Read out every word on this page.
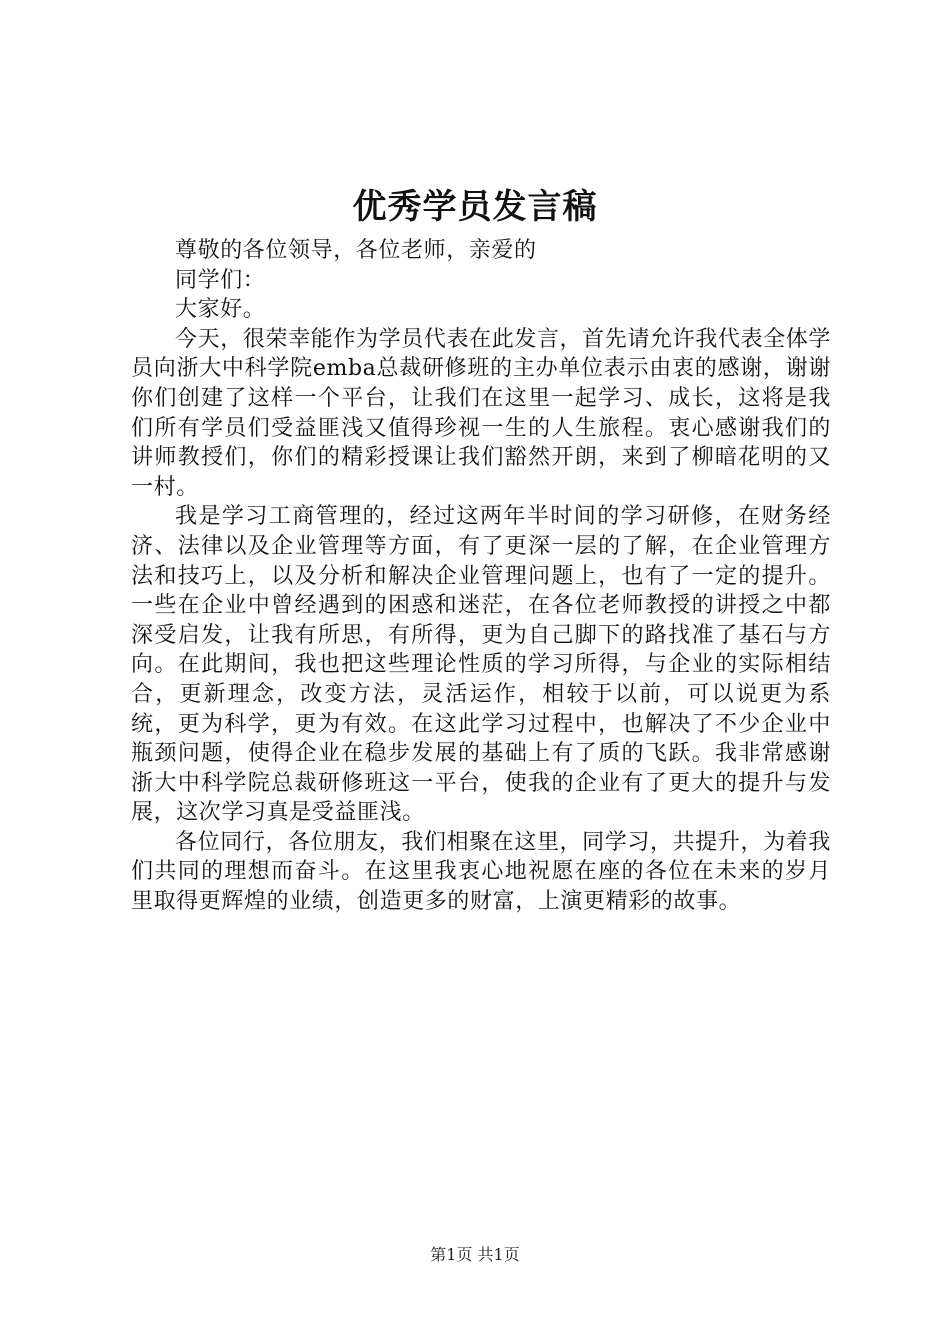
优秀学员发言稿

尊敬的各位领导，各位老师，亲爱的

同学们：

大家好。

今天，很荣幸能作为学员代表在此发言，首先请允许我代表全体学员向浙大中科学院emba总裁研修班的主办单位表示由衷的感谢，谢谢你们创建了这样一个平台，让我们在这里一起学习、成长，这将是我们所有学员们受益匪浅又值得珍视一生的人生旅程。衷心感谢我们的讲师教授们，你们的精彩授课让我们豁然开朗，来到了柳暗花明的又一村。

我是学习工商管理的，经过这两年半时间的学习研修，在财务经济、法律以及企业管理等方面，有了更深一层的了解，在企业管理方法和技巧上，以及分析和解决企业管理问题上，也有了一定的提升。一些在企业中曾经遇到的困惑和迷茫，在各位老师教授的讲授之中都深受启发，让我有所思，有所得，更为自己脚下的路找准了基石与方向。在此期间，我也把这些理论性质的学习所得，与企业的实际相结合，更新理念，改变方法，灵活运作，相较于以前，可以说更为系统，更为科学，更为有效。在这此学习过程中，也解决了不少企业中瓶颈问题，使得企业在稳步发展的基础上有了质的飞跃。我非常感谢浙大中科学院总裁研修班这一平台，使我的企业有了更大的提升与发展，这次学习真是受益匪浅。

各位同行，各位朋友，我们相聚在这里，同学习，共提升，为着我们共同的理想而奋斗。在这里我衷心地祝愿在座的各位在未来的岁月里取得更辉煌的业绩，创造更多的财富，上演更精彩的故事。

第1页 共1页
